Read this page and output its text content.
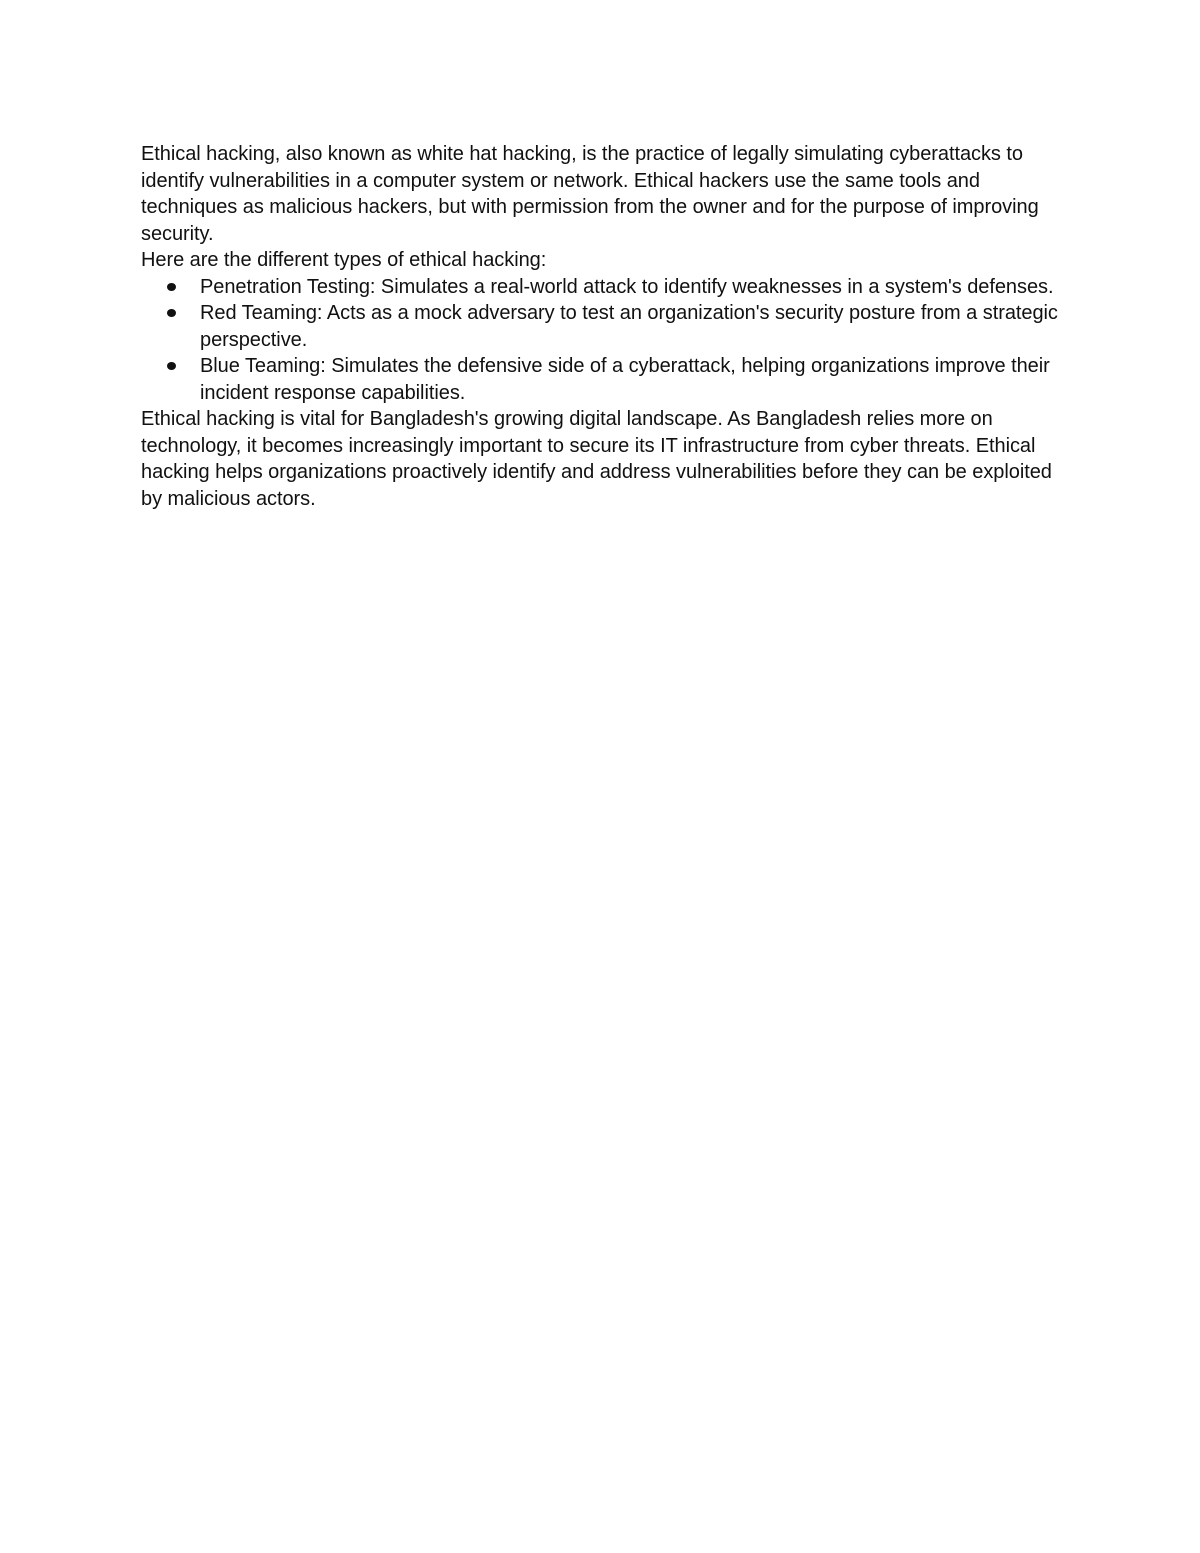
Ethical hacking, also known as white hat hacking, is the practice of legally simulating cyberattacks to identify vulnerabilities in a computer system or network. Ethical hackers use the same tools and techniques as malicious hackers, but with permission from the owner and for the purpose of improving security.

Here are the different types of ethical hacking:

Penetration Testing: Simulates a real-world attack to identify weaknesses in a system's defenses.
Red Teaming: Acts as a mock adversary to test an organization's security posture from a strategic perspective.
Blue Teaming: Simulates the defensive side of a cyberattack, helping organizations improve their incident response capabilities.

Ethical hacking is vital for Bangladesh's growing digital landscape. As Bangladesh relies more on technology, it becomes increasingly important to secure its IT infrastructure from cyber threats. Ethical hacking helps organizations proactively identify and address vulnerabilities before they can be exploited by malicious actors.
